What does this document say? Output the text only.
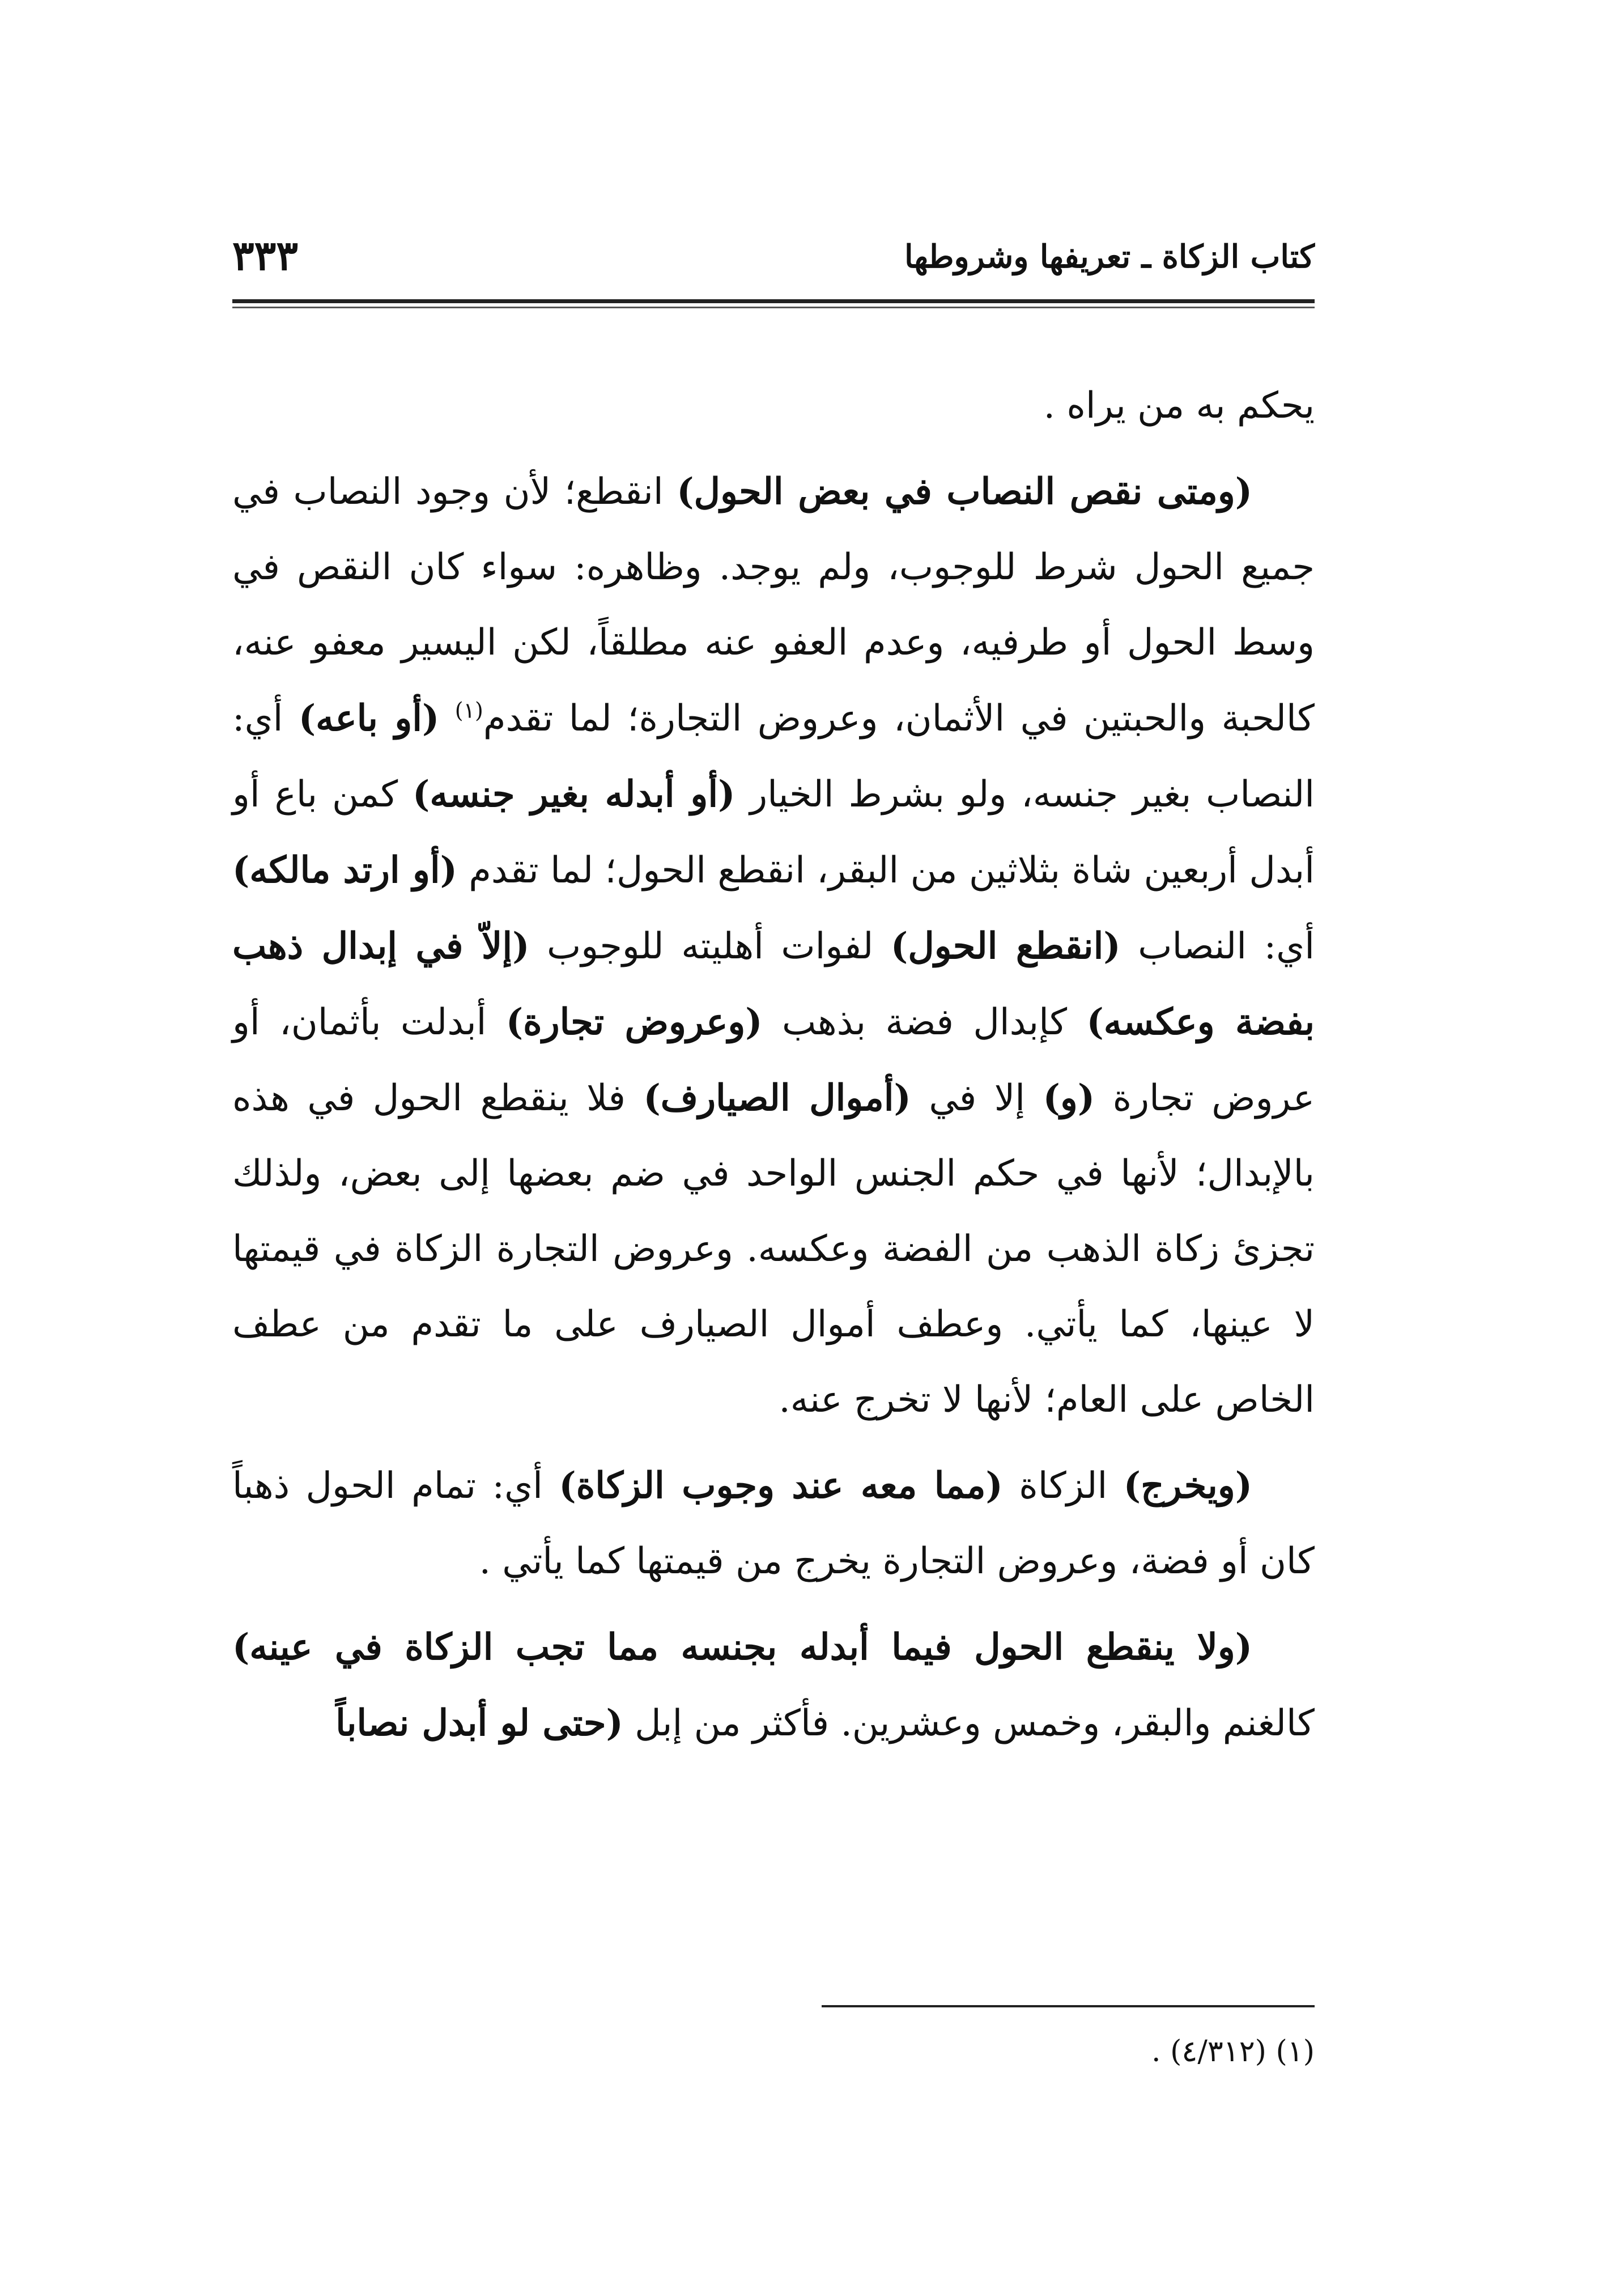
كتاب الزكاة ـ تعريفها وشروطها
٣٣٣

يحكم به من يراه .

(ومتى نقص النصاب في بعض الحول) انقطع؛ لأن وجود النصاب في جميع الحول شرط للوجوب، ولم يوجد. وظاهره: سواء كان النقص في وسط الحول أو طرفيه، وعدم العفو عنه مطلقاً، لكن اليسير معفو عنه، كالحبة والحبتين في الأثمان، وعروض التجارة؛ لما تقدم$^{(١)}$ (أو باعه) أي: النصاب بغير جنسه، ولو بشرط الخيار (أو أبدله بغير جنسه) كمن باع أو أبدل أربعين شاة بثلاثين من البقر، انقطع الحول؛ لما تقدم (أو ارتد مالكه) أي: النصاب (انقطع الحول) لفوات أهليته للوجوب (إلاّ في إبدال ذهب بفضة وعكسه) كإبدال فضة بذهب (وعروض تجارة) أبدلت بأثمان، أو عروض تجارة (و) إلا في (أموال الصيارف) فلا ينقطع الحول في هذه بالإبدال؛ لأنها في حكم الجنس الواحد في ضم بعضها إلى بعض، ولذلك تجزئ زكاة الذهب من الفضة وعكسه. وعروض التجارة الزكاة في قيمتها لا عينها، كما يأتي. وعطف أموال الصيارف على ما تقدم من عطف الخاص على العام؛ لأنها لا تخرج عنه.

(ويخرج) الزكاة (مما معه عند وجوب الزكاة) أي: تمام الحول ذهباً كان أو فضة، وعروض التجارة يخرج من قيمتها كما يأتي .

(ولا ينقطع الحول فيما أبدله بجنسه مما تجب الزكاة في عينه) كالغنم والبقر، وخمس وعشرين. فأكثر من إبل (حتى لو أبدل نصاباً

(١) (٤/٣١٢) .
